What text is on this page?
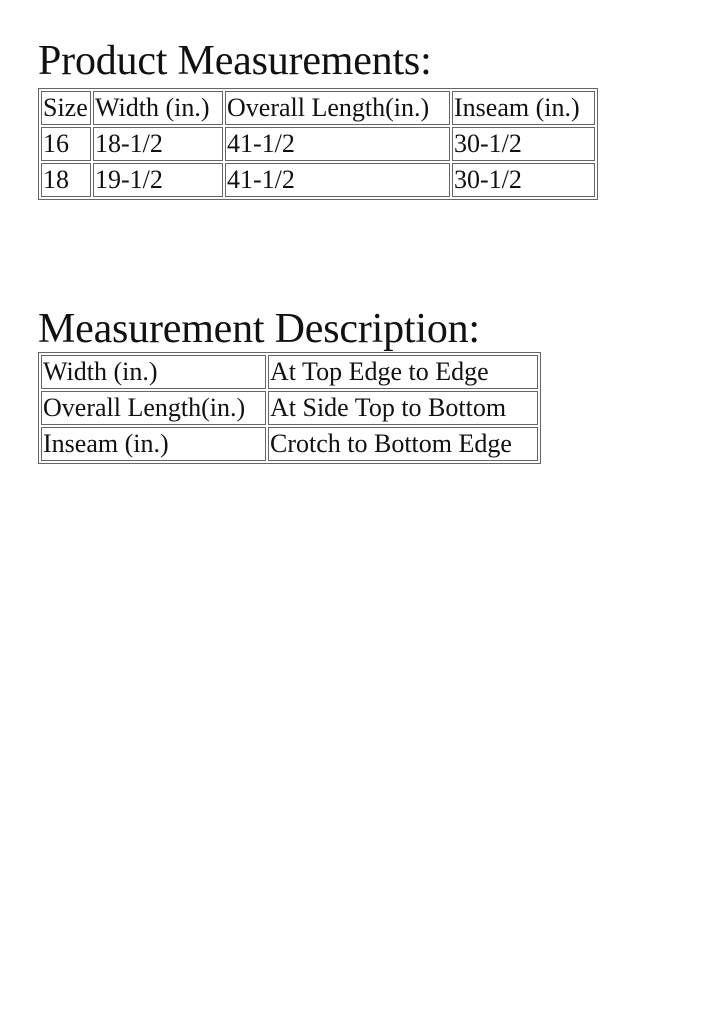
Product Measurements:
Size	Width (in.)	Overall Length(in.)	Inseam (in.)
16	18-1/2	41-1/2	30-1/2
18	19-1/2	41-1/2	30-1/2
Measurement Description:
Width (in.)	At Top Edge to Edge
Overall Length(in.)	At Side Top to Bottom
Inseam (in.)	Crotch to Bottom Edge
